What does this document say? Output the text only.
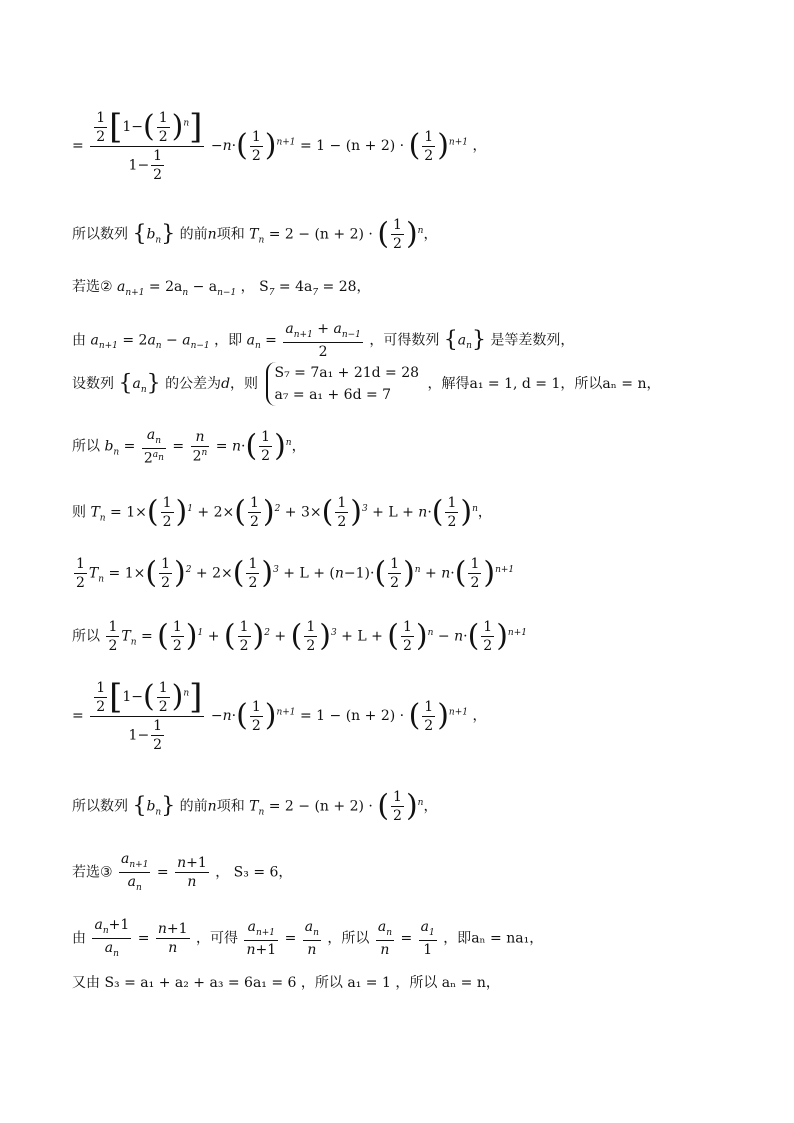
= $\frac{\frac{1}{2} [1-( \frac{1}{2} )^n]}{1- \frac{1}{2}} -n\cdot( \frac{1}{2} )^{n+1} = 1 - (n + 2)$ · ( $\frac{1}{2} )^{n+1}$ ，
所以数列 $\{b_n\}$ 的前n项和 $T_n = 2 - (n + 2)$ · ( $\frac{1}{2} )^n$，
若选② $a_{n+1} = 2a_n - a_{n-1}$ ， $S_7 = 4a_7 = 28$，
由 $a_{n+1} = 2a_n - a_{n-1}$ ，即 $a_n = \frac{a_{n+1} + a_{n-1}}{2}$ ，可得数列 $\{a_n\}$ 是等差数列，
设数列 $\{a_n\}$ 的公差为d，则
S₇ = 7a₁ + 21d = 28
a₇ = a₁ + 6d = 7
，解得a₁ = 1, d = 1，所以aₙ = n，
所以 $b_n = \frac{a_n}{2^{a_n}} = \frac{n}{2^n} = n\cdot( \frac{1}{2} )^n$，
则 $T_n = 1\times( \frac{1}{2} )^1 + 2\times( \frac{1}{2} )^2 + 3\times( \frac{1}{2} )^3 + L + n\cdot( \frac{1}{2} )^n$，
$\frac{1}{2} T_n = 1\times( \frac{1}{2} )^2 + 2\times( \frac{1}{2} )^3 + L + (n-1)\cdot( \frac{1}{2} )^n + n\cdot( \frac{1}{2} )^{n+1}$
所以 $\frac{1}{2} T_n$ = ( $\frac{1}{2} )^1$ + ( $\frac{1}{2} )^2$ + ( $\frac{1}{2} )^3 + L$ + ( $\frac{1}{2} )^n - n\cdot( \frac{1}{2} )^{n+1}$
= $\frac{\frac{1}{2} [1-( \frac{1}{2} )^n]}{1- \frac{1}{2}} -n\cdot( \frac{1}{2} )^{n+1} = 1 - (n + 2)$ · ( $\frac{1}{2} )^{n+1}$ ，
所以数列 $\{b_n\}$ 的前n项和 $T_n = 2 - (n + 2)$ · ( $\frac{1}{2} )^n$，
若选③ $\frac{a_{n+1}}{a_n} = \frac{n+1}{n}$ ， S₃ = 6，
由 $\frac{a_n+1}{a_n} = \frac{n+1}{n}$ ，可得 $\frac{a_{n+1}}{n+1} = \frac{a_n}{n}$ ，所以 $\frac{a_n}{n} = \frac{a_1}{1}$ ，即aₙ = na₁，
又由 S₃ = a₁ + a₂ + a₃ = 6a₁ = 6 ，所以 a₁ = 1 ，所以 aₙ = n，
